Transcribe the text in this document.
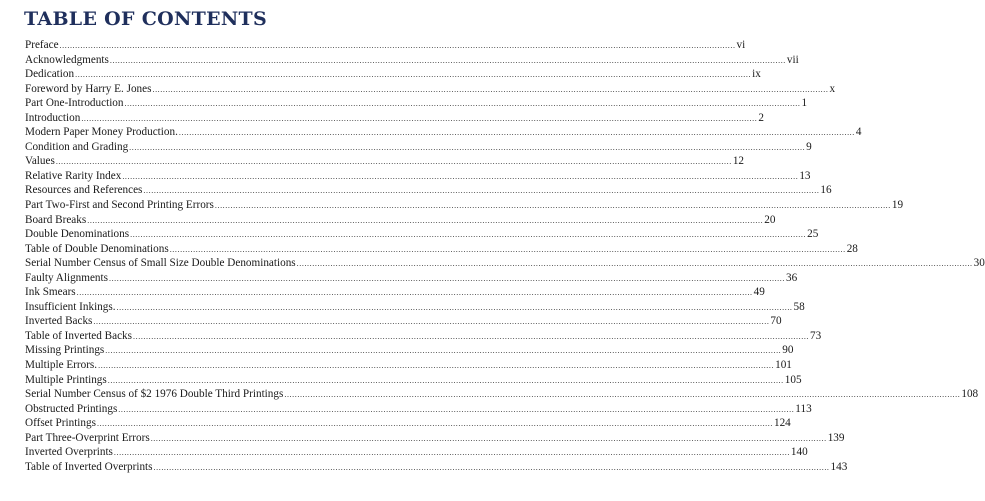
TABLE OF CONTENTS
Preface .................................................................................................................................................................................................................................................................... vi
Acknowledgments .................................................................................................................................................................................................................................................................... vii
Dedication .................................................................................................................................................................................................................................................................... ix
Foreword by Harry E. Jones .................................................................................................................................................................................................................................................................... x
Part One-Introduction .................................................................................................................................................................................................................................................................... 1
Introduction .................................................................................................................................................................................................................................................................... 2
Modern Paper Money Production. .................................................................................................................................................................................................................................................................... 4
Condition and Grading .................................................................................................................................................................................................................................................................... 9
Values .................................................................................................................................................................................................................................................................... 12
Relative Rarity Index .................................................................................................................................................................................................................................................................... 13
Resources and References .................................................................................................................................................................................................................................................................... 16
Part Two-First and Second Printing Errors .................................................................................................................................................................................................................................................................... 19
Board Breaks .................................................................................................................................................................................................................................................................... 20
Double Denominations .................................................................................................................................................................................................................................................................... 25
Table of Double Denominations .................................................................................................................................................................................................................................................................... 28
Serial Number Census of Small Size Double Denominations .................................................................................................................................................................................................................................................................... 30
Faulty Alignments .................................................................................................................................................................................................................................................................... 36
Ink Smears .................................................................................................................................................................................................................................................................... 49
Insufficient Inkings. .................................................................................................................................................................................................................................................................... 58
Inverted Backs .................................................................................................................................................................................................................................................................... 70
Table of Inverted Backs .................................................................................................................................................................................................................................................................... 73
Missing Printings .................................................................................................................................................................................................................................................................... 90
Multiple Errors. .................................................................................................................................................................................................................................................................... 101
Multiple Printings .................................................................................................................................................................................................................................................................... 105
Serial Number Census of $2 1976 Double Third Printings .................................................................................................................................................................................................................................................................... 108
Obstructed Printings .................................................................................................................................................................................................................................................................... 113
Offset Printings .................................................................................................................................................................................................................................................................... 124
Part Three-Overprint Errors .................................................................................................................................................................................................................................................................... 139
Inverted Overprints .................................................................................................................................................................................................................................................................... 140
Table of Inverted Overprints .................................................................................................................................................................................................................................................................... 143
